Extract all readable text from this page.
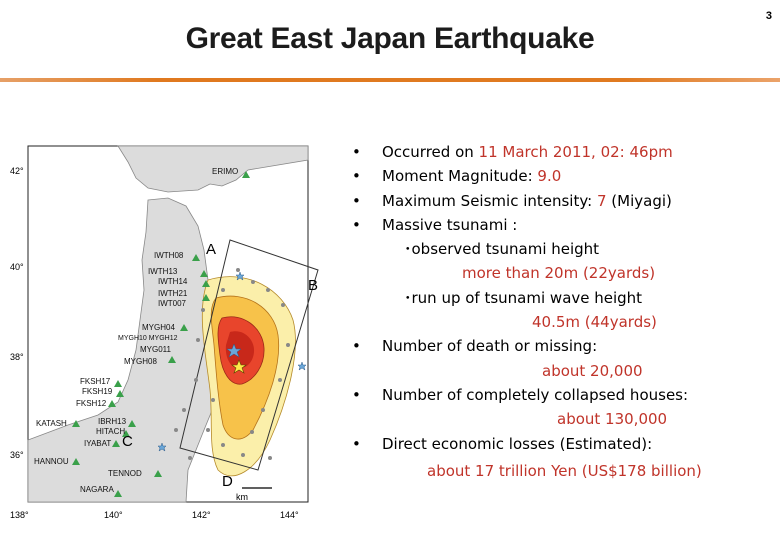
3
Great East Japan Earthquake
42°
40°
38°
36°
138°	140°	142°	144°
A
B
C
D
km
ERIMO
IWTH08
IWTH13
IWTH14
IWTH21
IWT007
MYGH04
MYGH10 MYGH12
MYG011
MYGH08
FKSH17
FKSH19
FKSH12
KATASH	IBRH13
HITACH
IYABAT
HANNOU
TENNOD
NAGARA
• Occurred on 11 March 2011, 02: 46pm
• Moment Magnitude: 9.0
• Maximum Seismic intensity: 7 (Miyagi)
• Massive tsunami :
･observed tsunami height
more than 20m (22yards)
･run up of tsunami wave height
40.5m (44yards)
• Number of death or missing:
about 20,000
• Number of completely collapsed houses:
about 130,000
• Direct economic losses (Estimated):
about 17 trillion Yen (US$178 billion)
